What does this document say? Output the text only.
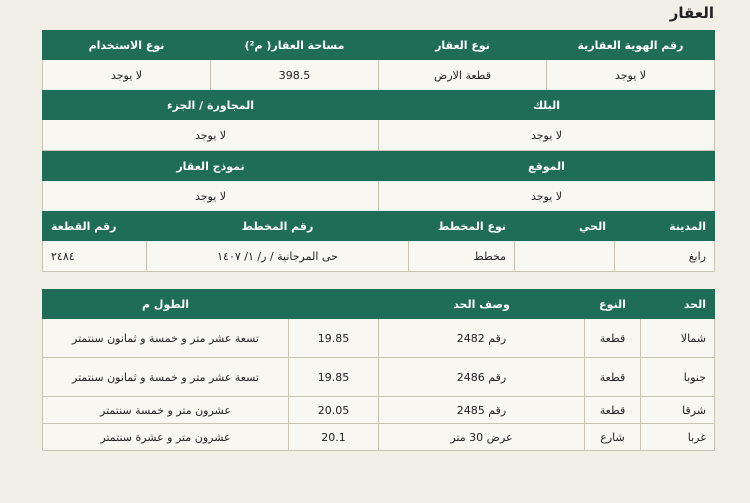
العقار
رقم الهوية العقارية	نوع العقار	مساحة العقار( م²)	نوع الاستخدام
لا يوجد	قطعة الارض	398.5	لا يوجد
البلك	المجاورة / الجزء
لا يوجد	لا يوجد
الموقع	نموذج العقار
لا يوجد	لا يوجد
المدينة	الحي	نوع المخطط	رقم المخطط	رقم القطعة
رابغ		مخطط	حى المرجانية / ر/ ١/ ١٤٠٧	٢٤٨٤
الحد	النوع	وصف الحد		الطول م
شمالا	قطعة	رقم 2482	19.85	تسعة عشر متر و خمسة و ثمانون سنتمتر
جنوبا	قطعة	رقم 2486	19.85	تسعة عشر متر و خمسة و ثمانون سنتمتر
شرقا	قطعة	رقم 2485	20.05	عشرون متر و خمسة سنتمتر
غربا	شارع	عرض 30 متر	20.1	عشرون متر و عشرة سنتمتر
